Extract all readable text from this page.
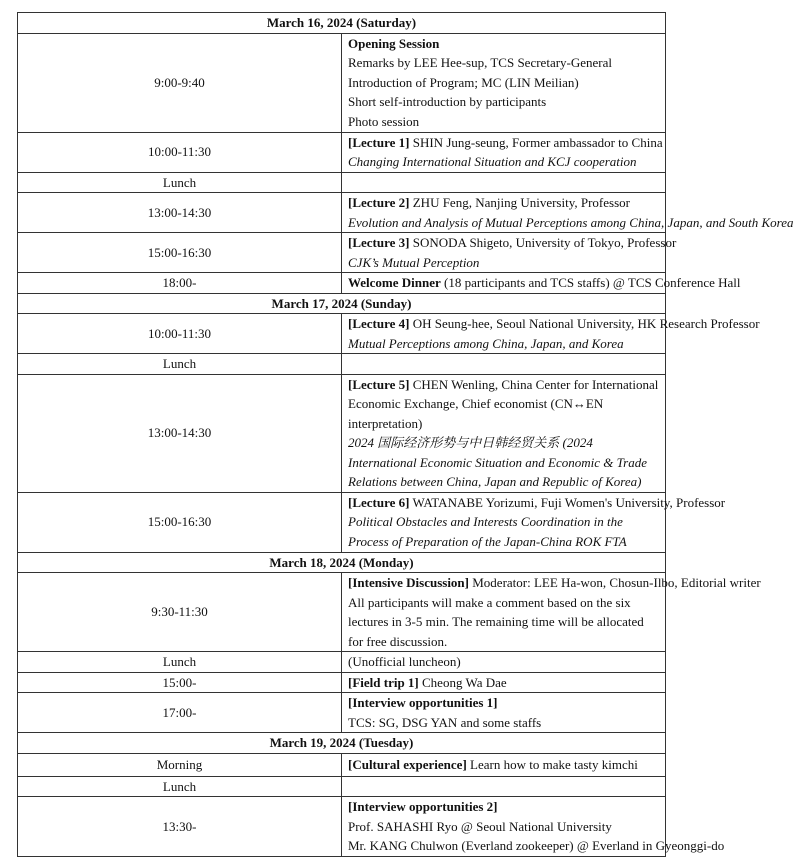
March 16, 2024 (Saturday)	
9:00-9:40	Opening Session
Remarks by LEE Hee-sup, TCS Secretary-General
Introduction of Program; MC (LIN Meilian)
Short self-introduction by participants
Photo session

10:00-11:30	[Lecture 1] SHIN Jung-seung, Former ambassador to China
Changing International Situation and KCJ cooperation

Lunch	
13:00-14:30	[Lecture 2] ZHU Feng, Nanjing University, Professor
Evolution and Analysis of Mutual Perceptions among China, Japan, and South Korea

15:00-16:30	[Lecture 3] SONODA Shigeto, University of Tokyo, Professor
CJK’s Mutual Perception

18:00-	Welcome Dinner (18 participants and TCS staffs) @ TCS Conference Hall

March 17, 2024 (Sunday)	
10:00-11:30	[Lecture 4] OH Seung-hee, Seoul National University, HK Research Professor
Mutual Perceptions among China, Japan, and Korea

Lunch	
13:00-14:30	[Lecture 5] CHEN Wenling, China Center for International Economic Exchange, Chief economist (CN↔EN interpretation)
2024 国际经济形势与中日韩经贸关系 (2024 International Economic Situation and Economic & Trade Relations between China, Japan and Republic of Korea)

15:00-16:30	[Lecture 6] WATANABE Yorizumi, Fuji Women's University, Professor
Political Obstacles and Interests Coordination in the Process of Preparation of the Japan-China ROK FTA

March 18, 2024 (Monday)	
9:30-11:30	[Intensive Discussion] Moderator: LEE Ha-won, Chosun-Ilbo, Editorial writer
All participants will make a comment based on the six lectures in 3-5 min. The remaining time will be allocated for free discussion.

Lunch	(Unofficial luncheon)
15:00-	[Field trip 1] Cheong Wa Dae

17:00-	[Interview opportunities 1]
TCS: SG, DSG YAN and some staffs

March 19, 2024 (Tuesday)	
Morning	[Cultural experience] Learn how to make tasty kimchi

Lunch	
13:30-	[Interview opportunities 2]
Prof. SAHASHI Ryo @ Seoul National University
Mr. KANG Chulwon (Everland zookeeper) @ Everland in Gyeonggi-do
